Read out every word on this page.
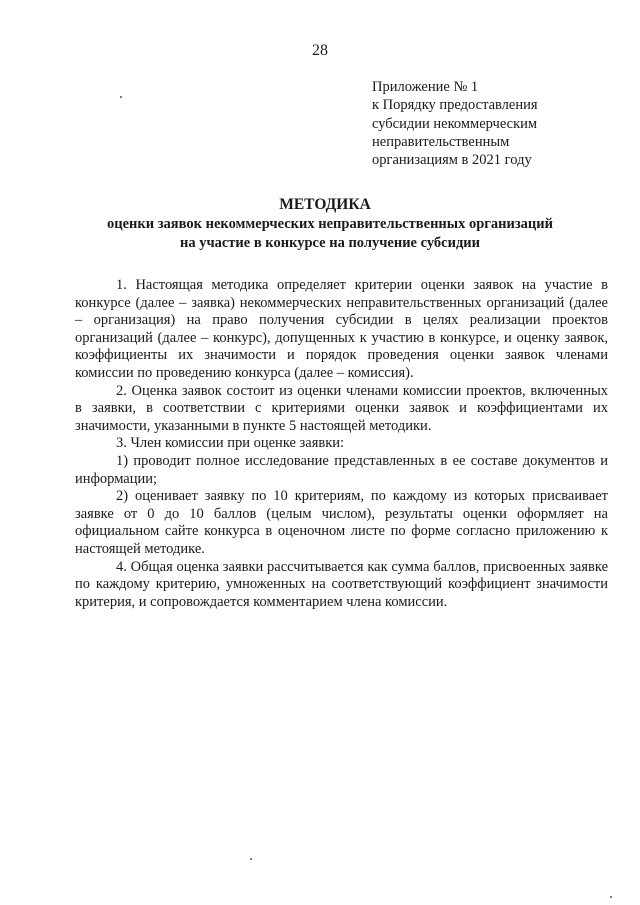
28
Приложение № 1
к Порядку предоставления
субсидии некоммерческим
неправительственным
организациям в 2021 году
МЕТОДИКА
оценки заявок некоммерческих неправительственных организаций
на участие в конкурсе на получение субсидии

1. Настоящая методика определяет критерии оценки заявок на участие в конкурсе (далее – заявка) некоммерческих неправительственных организаций (далее – организация) на право получения субсидии в целях реализации проектов организаций (далее – конкурс), допущенных к участию в конкурсе, и оценку заявок, коэффициенты их значимости и порядок проведения оценки заявок членами комиссии по проведению конкурса (далее – комиссия).

2. Оценка заявок состоит из оценки членами комиссии проектов, включенных в заявки, в соответствии с критериями оценки заявок и коэффициентами их значимости, указанными в пункте 5 настоящей методики.

3. Член комиссии при оценке заявки:

1) проводит полное исследование представленных в ее составе документов и информации;

2) оценивает заявку по 10 критериям, по каждому из которых присваивает заявке от 0 до 10 баллов (целым числом), результаты оценки оформляет на официальном сайте конкурса в оценочном листе по форме согласно приложению к настоящей методике.

4. Общая оценка заявки рассчитывается как сумма баллов, присвоенных заявке по каждому критерию, умноженных на соответствующий коэффициент значимости критерия, и сопровождается комментарием члена комиссии.
